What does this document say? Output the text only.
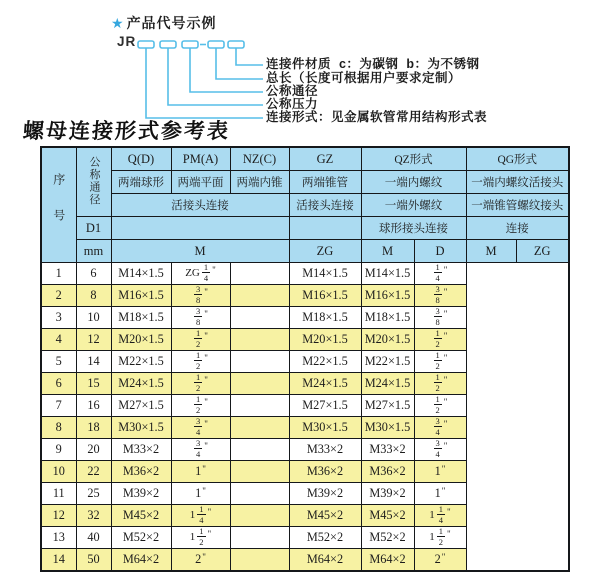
★ 产品代号示例
JR
连接件材质  c：为碳钢  b：为不锈钢
总长（长度可根据用户要求定制）
公称通径
公称压力
连接形式：见金属软管常用结构形式表
螺母连接形式参考表
序号	公称通径	Q(D)	PM(A)	NZ(C)	GZ	QZ形式		QG形式	
		两端球形	两端平面	两端内锥	两端锥管	一端内螺纹		一端内螺纹活接头	
		活接头连接			活接头连接	一端外螺纹		一端锥管螺纹接头	
	D1					球形接头连接		连接	
	mm	M			ZG	M	D	M	ZG
1	6	M14×1.5	ZG $\frac{1}{4} ^"$		M14×1.5	M14×1.5	$\frac{1}{4} ^"$
2	8	M16×1.5	$\frac{3}{8} ^"$		M16×1.5	M16×1.5	$\frac{3}{8} ^"$
3	10	M18×1.5	$\frac{3}{8} ^"$		M18×1.5	M18×1.5	$\frac{3}{8} ^"$
4	12	M20×1.5	$\frac{1}{2} ^"$		M20×1.5	M20×1.5	$\frac{1}{2} ^"$
5	14	M22×1.5	$\frac{1}{2} ^"$		M22×1.5	M22×1.5	$\frac{1}{2} ^"$
6	15	M24×1.5	$\frac{1}{2} ^"$		M24×1.5	M24×1.5	$\frac{1}{2} ^"$
7	16	M27×1.5	$\frac{1}{2} ^"$		M27×1.5	M27×1.5	$\frac{1}{2} ^"$
8	18	M30×1.5	$\frac{3}{4} ^"$		M30×1.5	M30×1.5	$\frac{3}{4} ^"$
9	20	M33×2	$\frac{3}{4} ^"$		M33×2	M33×2	$\frac{3}{4} ^"$
10	22	M36×2	1"		M36×2	M36×2	1"
11	25	M39×2	1"		M39×2	M39×2	1"
12	32	M45×2	$1 \frac{1}{4} ^"$		M45×2	M45×2	$1 \frac{1}{4} ^"$
13	40	M52×2	$1 \frac{1}{2} ^"$		M52×2	M52×2	$1 \frac{1}{2} ^"$
14	50	M64×2	2"		M64×2	M64×2	2"
